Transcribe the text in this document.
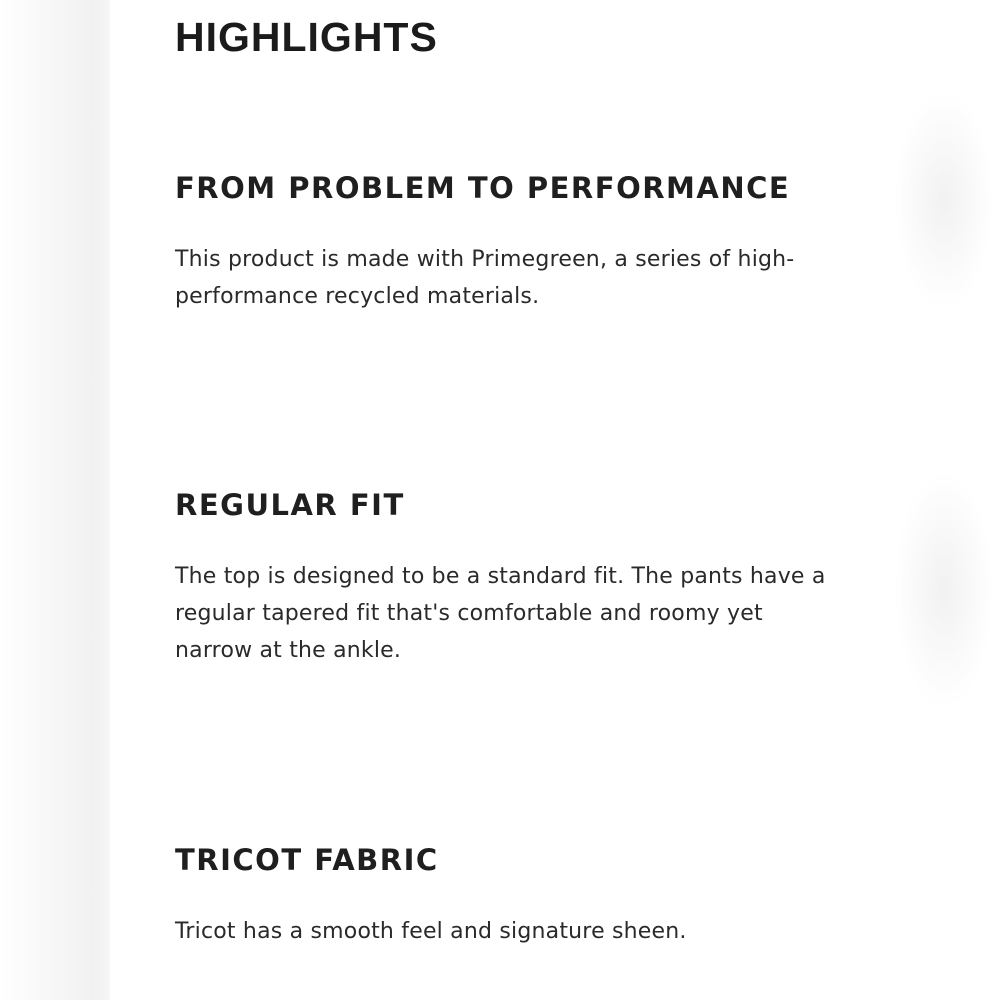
HIGHLIGHTS
FROM PROBLEM TO PERFORMANCE

This product is made with Primegreen, a series of high-performance recycled materials.

REGULAR FIT

The top is designed to be a standard fit. The pants have a regular tapered fit that's comfortable and roomy yet narrow at the ankle.

TRICOT FABRIC

Tricot has a smooth feel and signature sheen.
